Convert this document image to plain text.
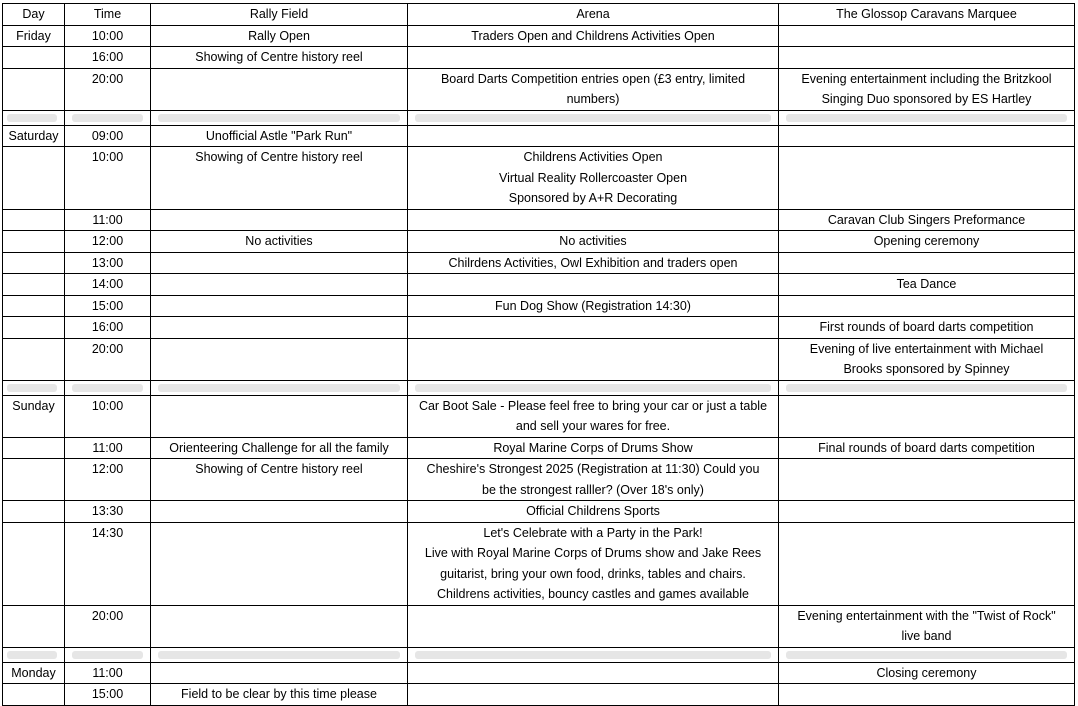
Day	Time	Rally Field	Arena	The Glossop Caravans Marquee
Friday	10:00	Rally Open	Traders Open and Childrens Activities Open	

	16:00	Showing of Centre history reel		

	20:00		Board Darts Competition entries open (£3 entry, limited
numbers)	Evening entertainment including the Britzkool
Singing Duo sponsored by ES Hartley

Saturday	09:00	Unofficial Astle "Park Run"		

	10:00	Showing of Centre history reel	Childrens Activities Open
Virtual Reality Rollercoaster Open
Sponsored by A+R Decorating	

	11:00			Caravan Club Singers Preformance

	12:00	No activities	No activities	Opening ceremony

	13:00		Chilrdens Activities, Owl Exhibition and traders open	

	14:00			Tea Dance

	15:00		Fun Dog Show (Registration 14:30)	

	16:00			First rounds of board darts competition

	20:00			Evening of live entertainment with Michael
Brooks sponsored by Spinney

Sunday	10:00		Car Boot Sale - Please feel free to bring your car or just a table
and sell your wares for free.	

	11:00	Orienteering Challenge for all the family	Royal Marine Corps of Drums Show	Final rounds of board darts competition

	12:00	Showing of Centre history reel	Cheshire's Strongest 2025 (Registration at 11:30) Could you
be the strongest ralller? (Over 18's only)	

	13:30		Official Childrens Sports	

	14:30		Let's Celebrate with a Party in the Park!
Live with Royal Marine Corps of Drums show and Jake Rees
guitarist, bring your own food, drinks, tables and chairs.
Childrens activities, bouncy castles and games available	

	20:00			Evening entertainment with the "Twist of Rock"
live band

Monday	11:00			Closing ceremony

	15:00	Field to be clear by this time please		
